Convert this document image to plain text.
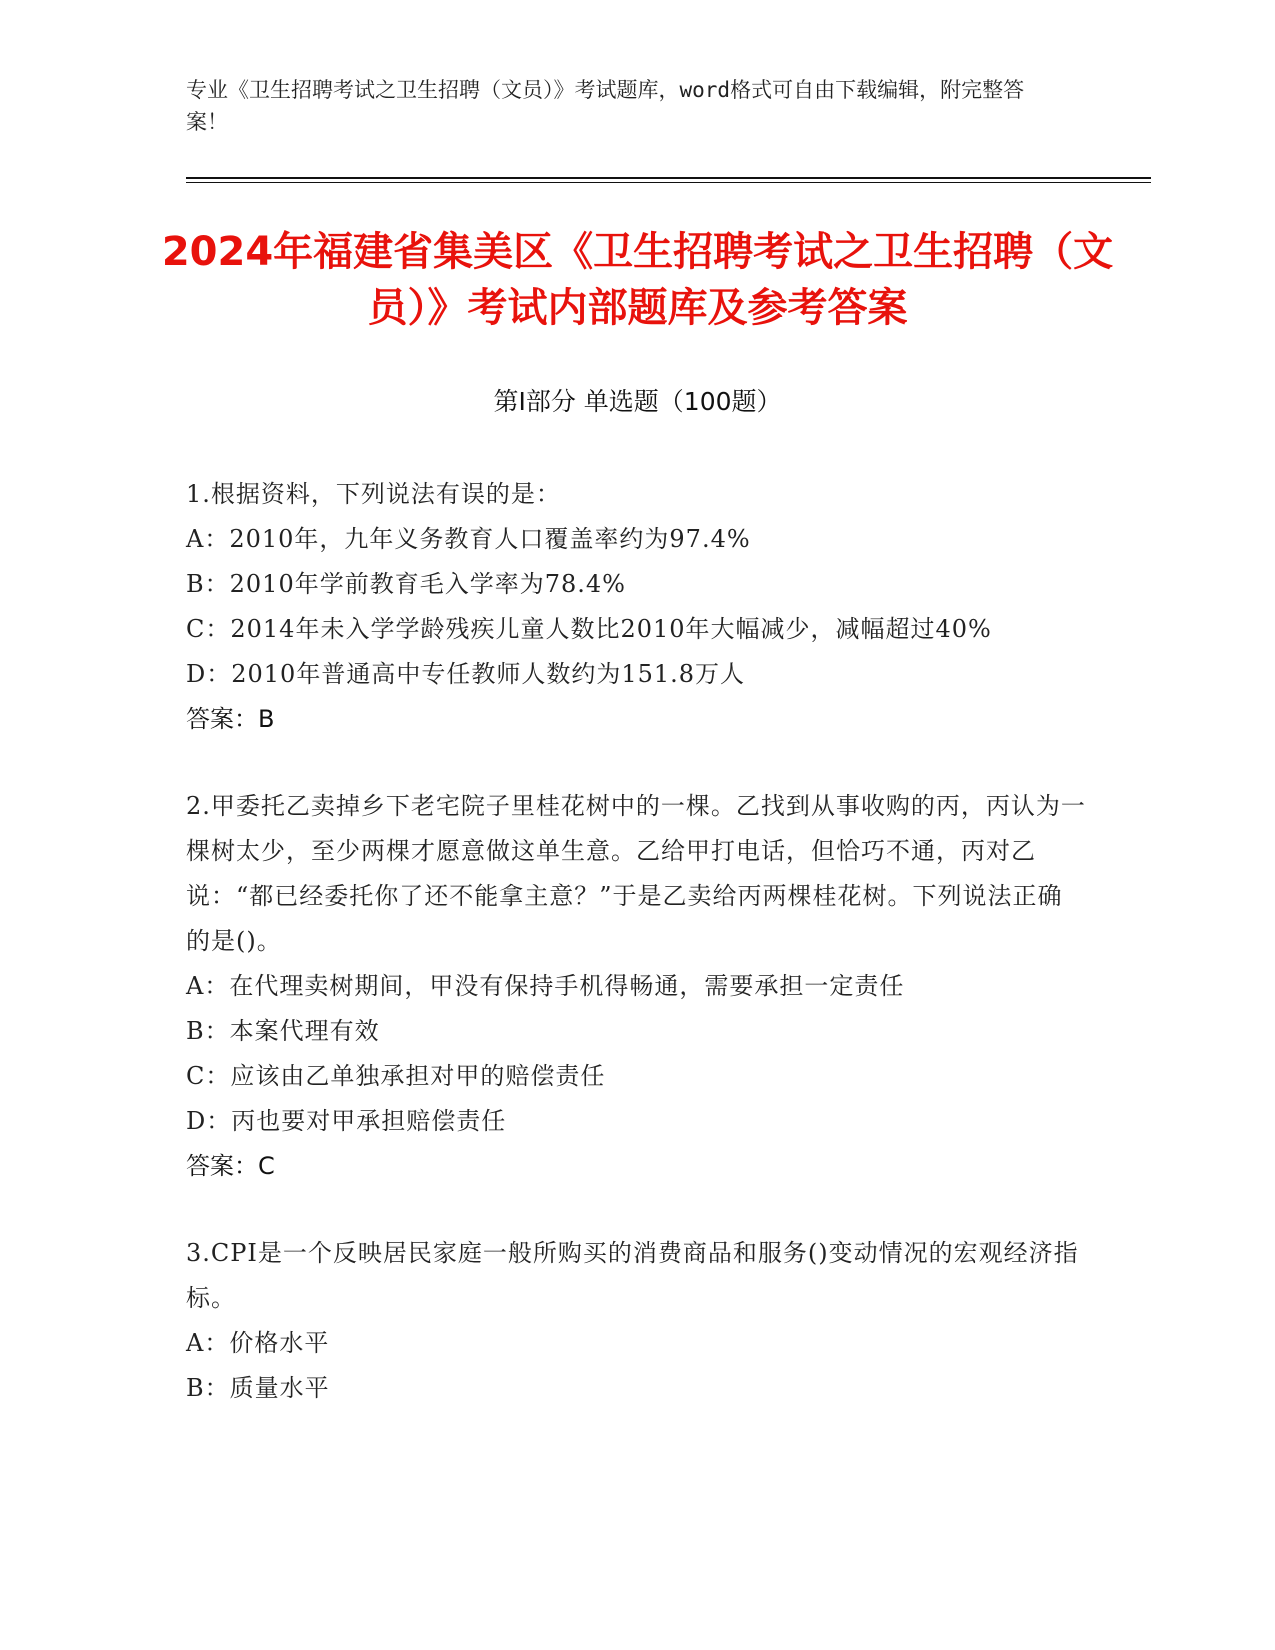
专业《卫生招聘考试之卫生招聘（文员）》考试题库，word格式可自由下载编辑，附完整答案！
2024年福建省集美区《卫生招聘考试之卫生招聘（文员）》考试内部题库及参考答案
第Ⅰ部分 单选题（100题）

1.根据资料，下列说法有误的是：

A：2010年，九年义务教育人口覆盖率约为97.4%

B：2010年学前教育毛入学率为78.4%

C：2014年未入学学龄残疾儿童人数比2010年大幅减少，减幅超过40%

D：2010年普通高中专任教师人数约为151.8万人

答案：B

2.甲委托乙卖掉乡下老宅院子里桂花树中的一棵。乙找到从事收购的丙，丙认为一棵树太少，至少两棵才愿意做这单生意。乙给甲打电话，但恰巧不通，丙对乙说：“都已经委托你了还不能拿主意？”于是乙卖给丙两棵桂花树。下列说法正确的是()。

A：在代理卖树期间，甲没有保持手机得畅通，需要承担一定责任

B：本案代理有效

C：应该由乙单独承担对甲的赔偿责任

D：丙也要对甲承担赔偿责任

答案：C

3.CPI是一个反映居民家庭一般所购买的消费商品和服务()变动情况的宏观经济指标。

A：价格水平

B：质量水平
